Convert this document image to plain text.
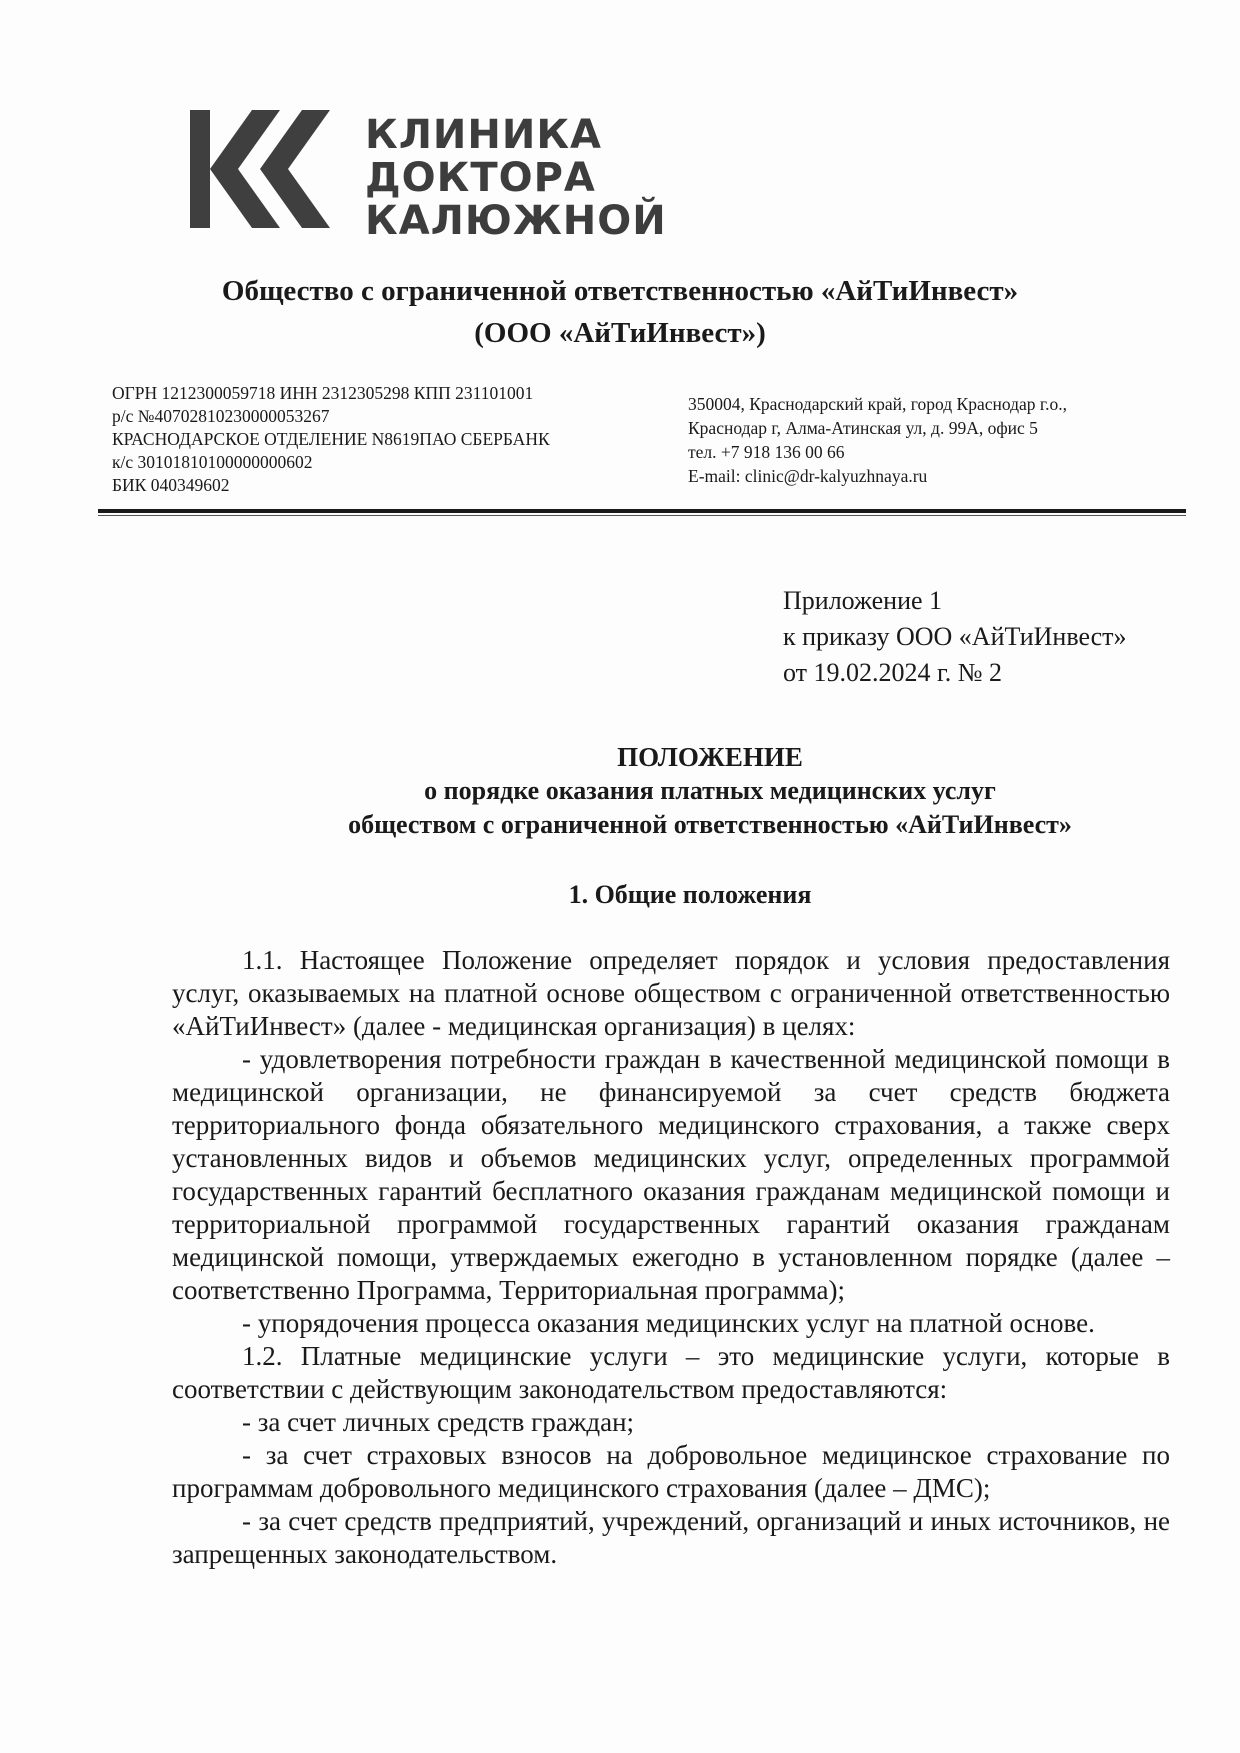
КЛИНИКА
ДОКТОРА
КАЛЮЖНОЙ
Общество с ограниченной ответственностью «АйТиИнвест»
(ООО «АйТиИнвест»)
ОГРН 1212300059718 ИНН 2312305298 КПП 231101001
р/с №40702810230000053267
КРАСНОДАРСКОЕ ОТДЕЛЕНИЕ N8619ПАО СБЕРБАНК
к/с 30101810100000000602
БИК 040349602
350004, Краснодарский край, город Краснодар г.о.,
Краснодар г, Алма-Атинская ул, д. 99А, офис 5
тел. +7 918 136 00 66
E-mail: clinic@dr-kalyuzhnaya.ru
Приложение 1
к приказу ООО «АйТиИнвест»
от 19.02.2024 г. № 2
ПОЛОЖЕНИЕ
о порядке оказания платных медицинских услуг
обществом с ограниченной ответственностью «АйТиИнвест»
1. Общие положения

1.1. Настоящее Положение определяет порядок и условия предоставления услуг, оказываемых на платной основе обществом с ограниченной ответственностью «АйТиИнвест» (далее - медицинская организация) в целях:

- удовлетворения потребности граждан в качественной медицинской помощи в медицинской организации, не финансируемой за счет средств бюджета территориального фонда обязательного медицинского страхования, а также сверх установленных видов и объемов медицинских услуг, определенных программой государственных гарантий бесплатного оказания гражданам медицинской помощи и территориальной программой государственных гарантий оказания гражданам медицинской помощи, утверждаемых ежегодно в установленном порядке (далее – соответственно Программа, Территориальная программа);

- упорядочения процесса оказания медицинских услуг на платной основе.

1.2. Платные медицинские услуги – это медицинские услуги, которые в соответствии с действующим законодательством предоставляются:

- за счет личных средств граждан;

- за счет страховых взносов на добровольное медицинское страхование по программам добровольного медицинского страхования (далее – ДМС);

- за счет средств предприятий, учреждений, организаций и иных источников, не запрещенных законодательством.
